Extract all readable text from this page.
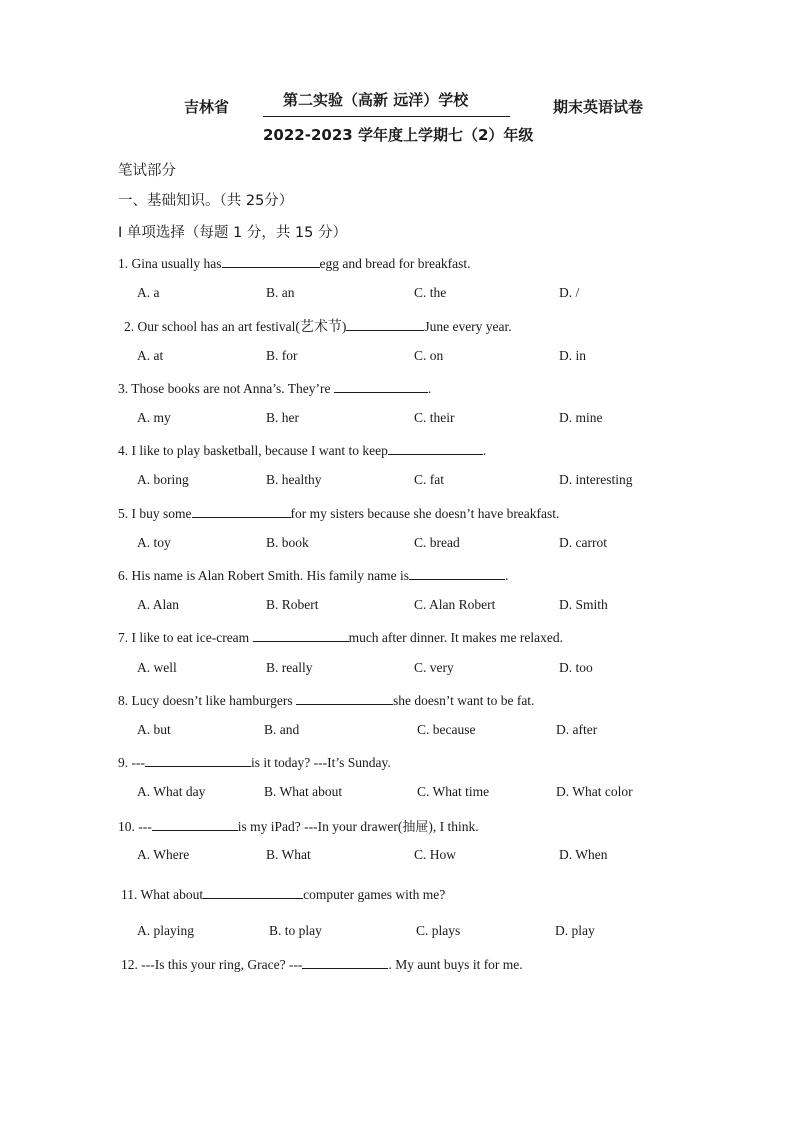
吉林省	第二实验（高新 远洋）学校	期末英语试卷
2022-2023 学年度上学期七（2）年级
笔试部分
一、基础知识。（共 25分）
I 单项选择（每题 1 分，共 15 分）
1. Gina usually has	egg and bread for breakfast.
A. a	B. an	C. the	D. /
2. Our school has an art festival(艺术节)	June every year.
A. at	B. for	C. on	D. in
3. Those books are not Anna’s. They’re	.
A. my	B. her	C. their	D. mine
4. I like to play basketball, because I want to keep	.
A. boring	B. healthy	C. fat	D. interesting
5. I buy some	for my sisters because she doesn’t have breakfast.
A. toy	B. book	C. bread	D. carrot
6. His name is Alan Robert Smith. His family name is	.
A. Alan	B. Robert	C. Alan Robert	D. Smith
7. I like to eat ice-cream	much after dinner. It makes me relaxed.
A. well	B. really	C. very	D. too
8. Lucy doesn’t like hamburgers	she doesn’t want to be fat.
A. but	B. and	C. because	D. after
9. ---	is it today? ---It’s Sunday.
A. What day	B. What about	C. What time	D. What color
10. ---	is my iPad? ---In your drawer(抽屉), I think.
A. Where	B. What	C. How	D. When
11. What about	computer games with me?
A. playing	B. to play	C. plays	D. play
12. ---Is this your ring, Grace? ---	. My aunt buys it for me.
